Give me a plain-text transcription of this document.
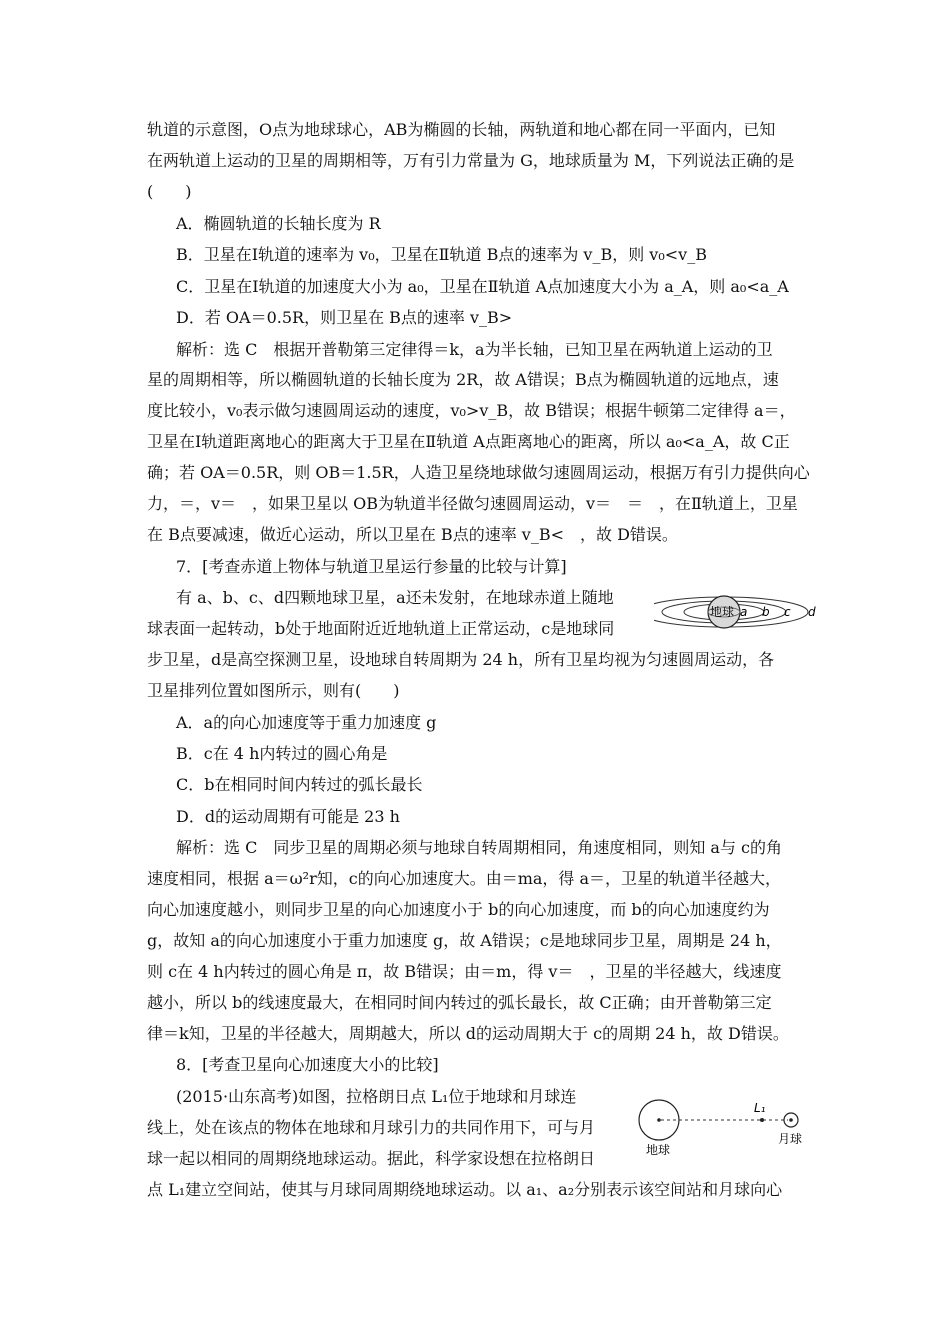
轨道的示意图，O点为地球球心，AB为椭圆的长轴，两轨道和地心都在同一平面内，已知
在两轨道上运动的卫星的周期相等，万有引力常量为 G，地球质量为 M，下列说法正确的是
(　　)
A．椭圆轨道的长轴长度为 R
B．卫星在Ⅰ轨道的速率为 v₀，卫星在Ⅱ轨道 B点的速率为 v_B，则 v₀<v_B
C．卫星在Ⅰ轨道的加速度大小为 a₀，卫星在Ⅱ轨道 A点加速度大小为 a_A，则 a₀<a_A
D．若 OA＝0.5R，则卫星在 B点的速率 v_B>
解析：选 C　根据开普勒第三定律得＝k，a为半长轴，已知卫星在两轨道上运动的卫
星的周期相等，所以椭圆轨道的长轴长度为 2R，故 A错误；B点为椭圆轨道的远地点，速
度比较小，v₀表示做匀速圆周运动的速度，v₀>v_B，故 B错误；根据牛顿第二定律得 a＝，
卫星在Ⅰ轨道距离地心的距离大于卫星在Ⅱ轨道 A点距离地心的距离，所以 a₀<a_A，故 C正
确；若 OA＝0.5R，则 OB＝1.5R，人造卫星绕地球做匀速圆周运动，根据万有引力提供向心
力，＝，v＝　，如果卫星以 OB为轨道半径做匀速圆周运动，v＝　＝　，在Ⅱ轨道上，卫星
在 B点要减速，做近心运动，所以卫星在 B点的速率 v_B<　，故 D错误。
7．[考查赤道上物体与轨道卫星运行参量的比较与计算]
有 a、b、c、d四颗地球卫星，a还未发射，在地球赤道上随地
球表面一起转动，b处于地面附近近地轨道上正常运动，c是地球同
步卫星，d是高空探测卫星，设地球自转周期为 24 h，所有卫星均视为匀速圆周运动，各
卫星排列位置如图所示，则有(　　)
A．a的向心加速度等于重力加速度 g
B．c在 4 h内转过的圆心角是
C．b在相同时间内转过的弧长最长
D．d的运动周期有可能是 23 h
解析：选 C　同步卫星的周期必须与地球自转周期相同，角速度相同，则知 a与 c的角
速度相同，根据 a＝ω²r知，c的向心加速度大。由＝ma，得 a＝，卫星的轨道半径越大，
向心加速度越小，则同步卫星的向心加速度小于 b的向心加速度，而 b的向心加速度约为
g，故知 a的向心加速度小于重力加速度 g，故 A错误；c是地球同步卫星，周期是 24 h，
则 c在 4 h内转过的圆心角是 π，故 B错误；由＝m，得 v＝　，卫星的半径越大，线速度
越小，所以 b的线速度最大，在相同时间内转过的弧长最长，故 C正确；由开普勒第三定
律＝k知，卫星的半径越大，周期越大，所以 d的运动周期大于 c的周期 24 h，故 D错误。
8．[考查卫星向心加速度大小的比较]
(2015·山东高考)如图，拉格朗日点 L₁位于地球和月球连
线上，处在该点的物体在地球和月球引力的共同作用下，可与月
球一起以相同的周期绕地球运动。据此，科学家设想在拉格朗日
点 L₁建立空间站，使其与月球同周期绕地球运动。以 a₁、a₂分别表示该空间站和月球向心
地球 a b c d
L₁
地球
月球
